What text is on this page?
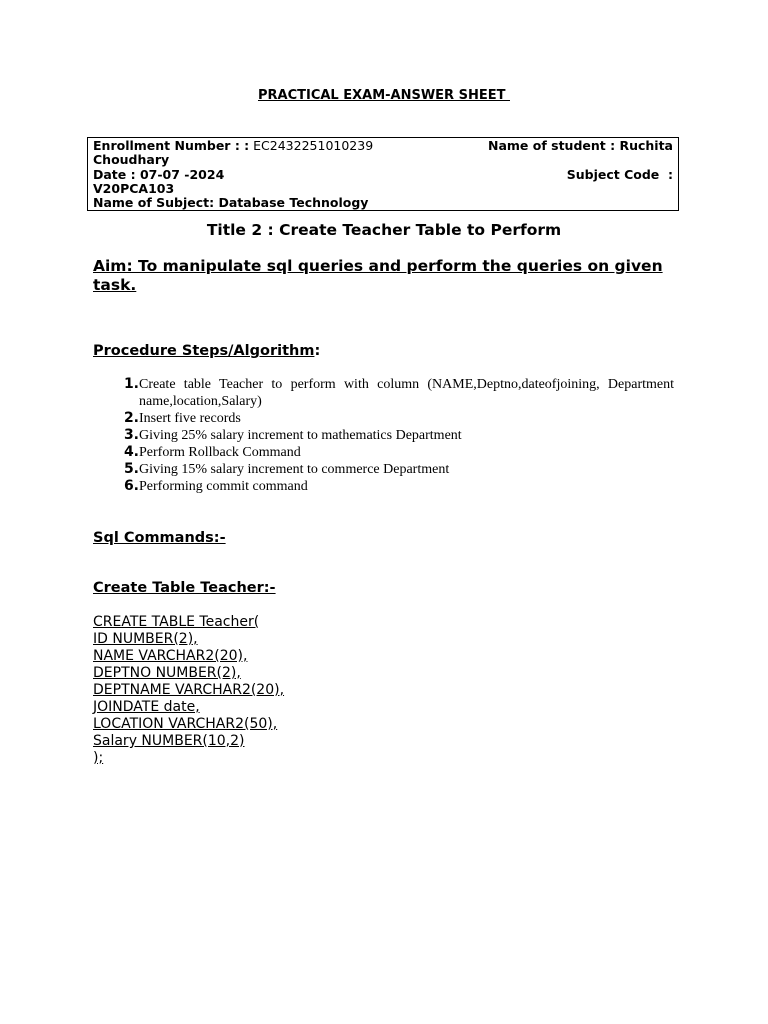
PRACTICAL EXAM-ANSWER SHEET
Enrollment Number : : EC2432251010239	Name of student : Ruchita
Choudhary
Date : 07-07 -2024	Subject Code  :
V20PCA103
Name of Subject: Database Technology
Title 2 : Create Teacher Table to Perform
Aim: To manipulate sql queries and perform the queries on given task.
Procedure Steps/Algorithm:
1. Create table Teacher to perform with column (NAME,Deptno,dateofjoining, Department name,location,Salary)
2. Insert five records
3. Giving 25% salary increment to mathematics Department
4. Perform Rollback Command
5. Giving 15% salary increment to commerce Department
6. Performing commit command
Sql Commands:-
Create Table Teacher:-
CREATE TABLE Teacher(
ID NUMBER(2),
NAME VARCHAR2(20),
DEPTNO NUMBER(2),
DEPTNAME VARCHAR2(20),
JOINDATE date,
LOCATION VARCHAR2(50),
Salary NUMBER(10,2)
);
